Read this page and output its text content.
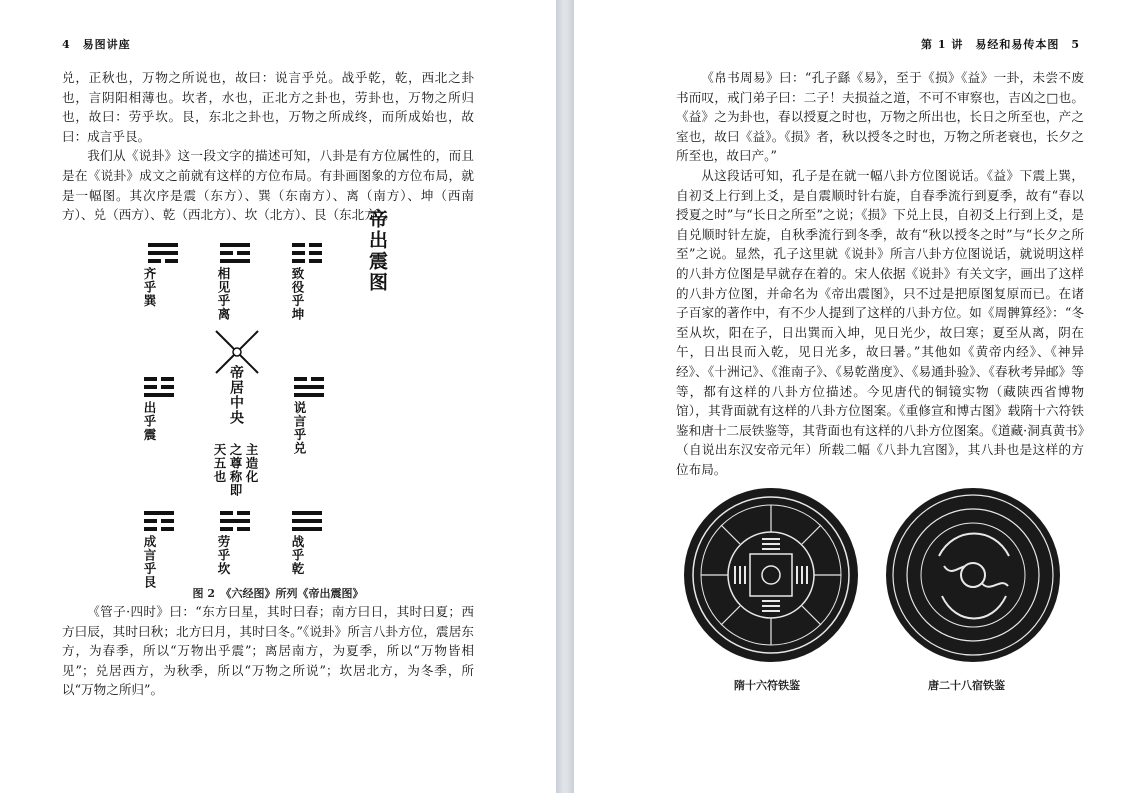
4　易图讲座

兑，正秋也，万物之所说也，故曰：说言乎兑。战乎乾，乾，西北之卦也，言阴阳相薄也。坎者，水也，正北方之卦也，劳卦也，万物之所归也，故曰：劳乎坎。艮，东北之卦也，万物之所成终，而所成始也，故曰：成言乎艮。

我们从《说卦》这一段文字的描述可知，八卦是有方位属性的，而且是在《说卦》成文之前就有这样的方位布局。有卦画图象的方位布局，就是一幅图。其次序是震（东方）、巽（东南方）、离（南方）、坤（西南方）、兑（西方）、乾（西北方）、坎（北方）、艮（东北方）。

齐乎巽	相见乎离	致役乎坤
帝出震图
出乎震	帝居中央
说言乎兑
天五也 之尊称即 主造化
成言乎艮	劳乎坎	战乎乾
图 2　《六经图》所列《帝出震图》

《管子·四时》曰：“东方曰星，其时曰春；南方曰日，其时曰夏；西方曰辰，其时曰秋；北方曰月，其时曰冬。”《说卦》所言八卦方位，震居东方，为春季，所以“万物出乎震”；离居南方，为夏季，所以“万物皆相见”；兑居西方，为秋季，所以“万物之所说”；坎居北方，为冬季，所以“万物之所归”。

第 1 讲　易经和易传本图　5

《帛书周易》曰：“孔子繇《易》，至于《损》《益》一卦，未尝不废书而叹，戒门弟子曰：二子！夫损益之道，不可不审察也，吉凶之□也。《益》之为卦也，春以授夏之时也，万物之所出也，长日之所至也，产之室也，故曰《益》。《损》者，秋以授冬之时也，万物之所老衰也，长夕之所至也，故曰产。”

从这段话可知，孔子是在就一幅八卦方位图说话。《益》下震上巽，自初爻上行到上爻，是自震顺时针右旋，自春季流行到夏季，故有“春以授夏之时”与“长日之所至”之说；《损》下兑上艮，自初爻上行到上爻，是自兑顺时针左旋，自秋季流行到冬季，故有“秋以授冬之时”与“长夕之所至”之说。显然，孔子这里就《说卦》所言八卦方位图说话，就说明这样的八卦方位图是早就存在着的。宋人依据《说卦》有关文字，画出了这样的八卦方位图，并命名为《帝出震图》，只不过是把原图复原而已。在诸子百家的著作中，有不少人提到了这样的八卦方位。如《周髀算经》：“冬至从坎，阳在子，日出巽而入坤，见日光少，故曰寒；夏至从离，阴在午，日出艮而入乾，见日光多，故曰暑。”其他如《黄帝内经》、《神异经》、《十洲记》、《淮南子》、《易乾凿度》、《易通卦验》、《春秋考异邮》等等，都有这样的八卦方位描述。今见唐代的铜镜实物（藏陕西省博物馆），其背面就有这样的八卦方位图案。《重修宣和博古图》载隋十六符铁鉴和唐十二辰铁鉴等，其背面也有这样的八卦方位图案。《道藏·洞真黄书》（自说出东汉安帝元年）所载二幅《八卦九宫图》，其八卦也是这样的方位布局。

隋十六符铁鉴	唐二十八宿铁鉴
